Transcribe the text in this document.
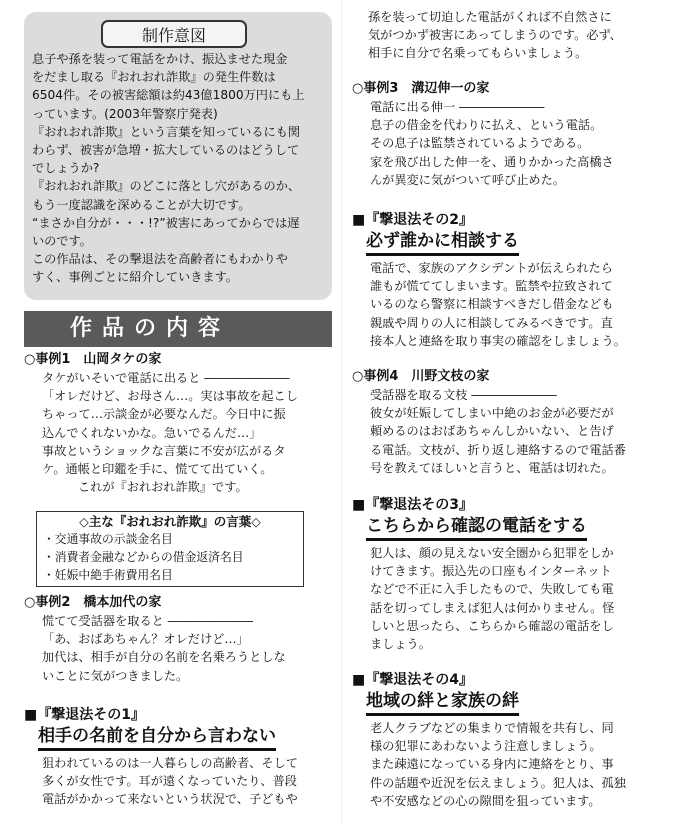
息子や孫を装って電話をかけ、振込ませた現金
をだまし取る『おれおれ詐欺』の発生件数は
6504件。その被害総額は約43億1800万円にも上
っています。(2003年警察庁発表)
『おれおれ詐欺』という言葉を知っているにも関
わらず、被害が急増・拡大しているのはどうして
でしょうか?
『おれおれ詐欺』のどこに落とし穴があるのか、
もう一度認識を深めることが大切です。
“まさか自分が・・・!?”被害にあってからでは遅
いのです。
この作品は、その撃退法を高齢者にもわかりや
すく、事例ごとに紹介していきます。
制作意図
作品の内容
○事例1　山岡タケの家
タケがいそいで電話に出ると ―――――――
「オレだけど、お母さん…。実は事故を起こし
ちゃって…示談金が必要なんだ。今日中に振
込んでくれないかな。急いでるんだ…」
事故というショックな言葉に不安が広がるタ
ケ。通帳と印鑑を手に、慌てて出ていく。
これが『おれおれ詐欺』です。
◇主な『おれおれ詐欺』の言葉◇
・交通事故の示談金名目
・消費者金融などからの借金返済名目
・妊娠中絶手術費用名目
○事例2　橋本加代の家
慌てて受話器を取ると ―――――――
「あ、おばあちゃん？オレだけど…」
加代は、相手が自分の名前を名乗ろうとしな
いことに気がつきました。
■『撃退法その1』
相手の名前を自分から言わない
狙われているのは一人暮らしの高齢者、そして
多くが女性です。耳が遠くなっていたり、普段
電話がかかって来ないという状況で、子どもや
孫を装って切迫した電話がくれば不自然さに
気がつかず被害にあってしまうのです。必ず、
相手に自分で名乗ってもらいましょう。
○事例3　溝辺伸一の家
電話に出る伸一 ―――――――
息子の借金を代わりに払え、という電話。
その息子は監禁されているようである。
家を飛び出した伸一を、通りかかった高橋さ
んが異変に気がついて呼び止めた。
■『撃退法その2』
必ず誰かに相談する
電話で、家族のアクシデントが伝えられたら
誰もが慌ててしまいます。監禁や拉致されて
いるのなら警察に相談すべきだし借金なども
親戚や周りの人に相談してみるべきです。直
接本人と連絡を取り事実の確認をしましょう。
○事例4　川野文枝の家
受話器を取る文枝 ―――――――
彼女が妊娠してしまい中絶のお金が必要だが
頼めるのはおばあちゃんしかいない、と告げ
る電話。文枝が、折り返し連絡するので電話番
号を教えてほしいと言うと、電話は切れた。
■『撃退法その3』
こちらから確認の電話をする
犯人は、顔の見えない安全圏から犯罪をしか
けてきます。振込先の口座もインターネット
などで不正に入手したもので、失敗しても電
話を切ってしまえば犯人は何かりません。怪
しいと思ったら、こちらから確認の電話をし
ましょう。
■『撃退法その4』
地域の絆と家族の絆
老人クラブなどの集まりで情報を共有し、同
様の犯罪にあわないよう注意しましょう。
また疎遠になっている身内に連絡をとり、事
件の話題や近況を伝えましょう。犯人は、孤独
や不安感などの心の隙間を狙っています。
